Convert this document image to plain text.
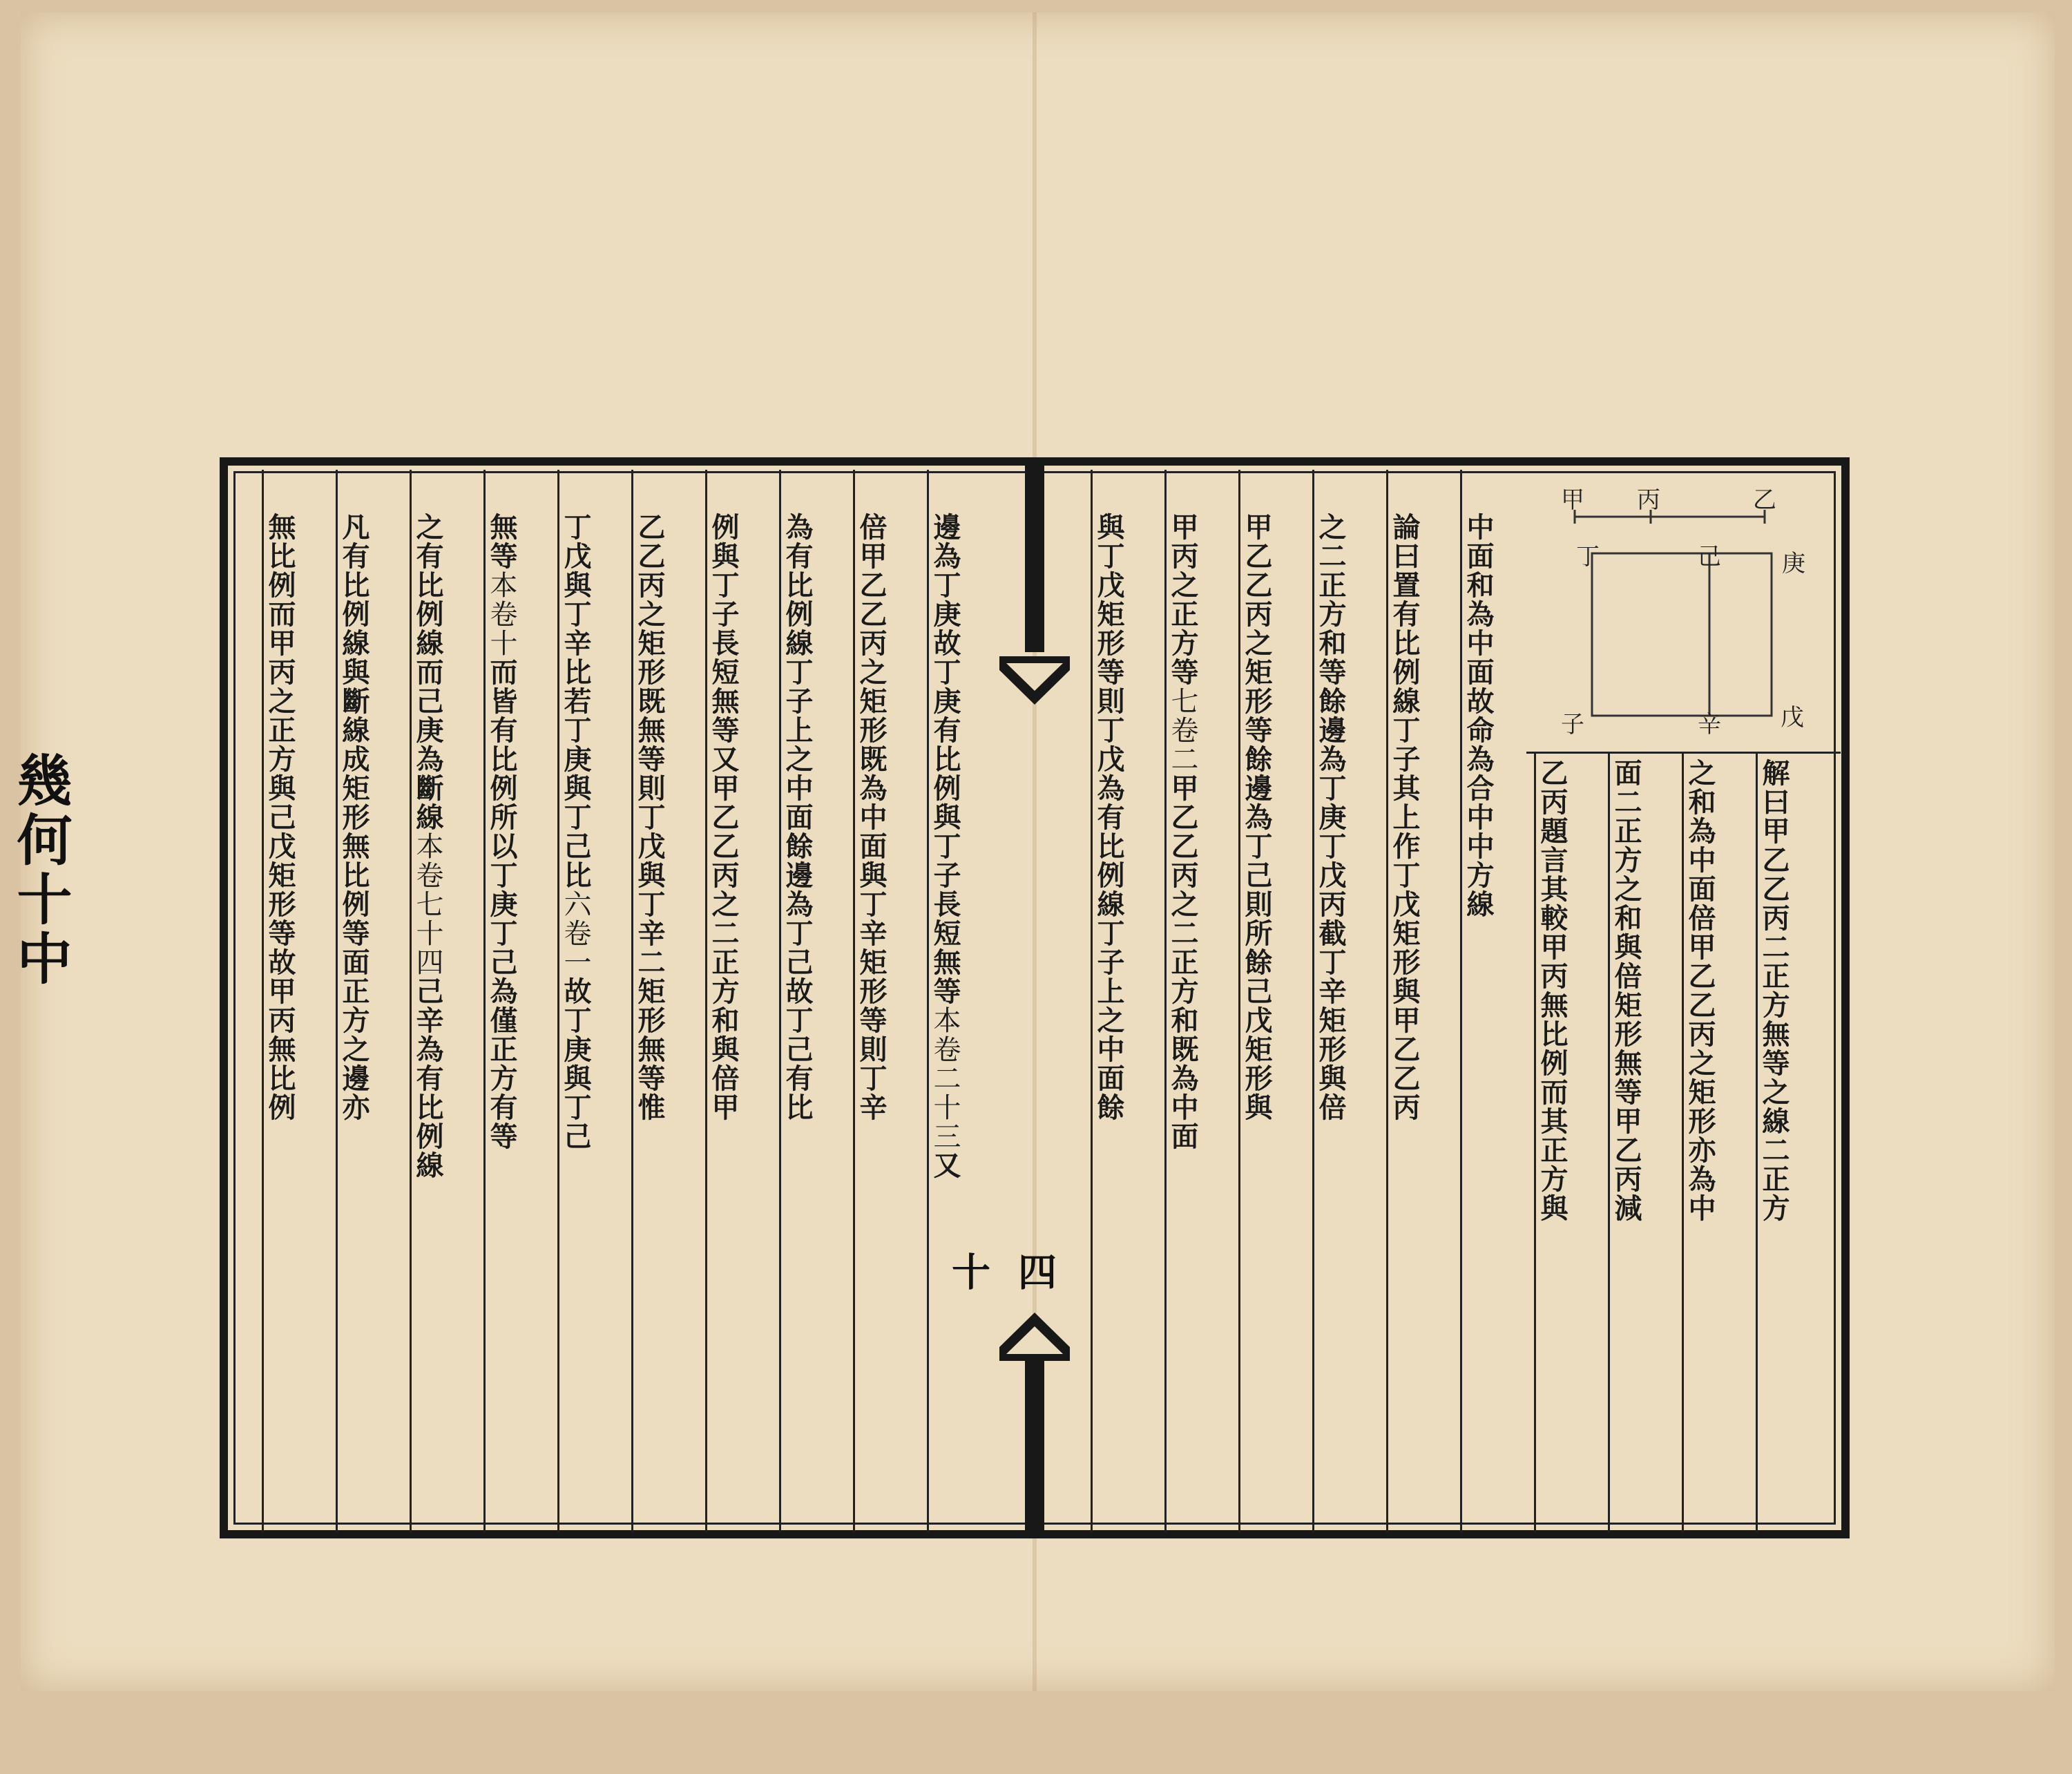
幾何十中
四十
甲 丙	乙
丁	己	庚
子	辛	戊
解曰甲乙乙丙二正方無等之線二正方
之和為中面倍甲乙乙丙之矩形亦為中
面二正方之和與倍矩形無等甲乙丙減
乙丙題言其較甲丙無比例而其正方與
中面和為中面故命為合中中方線
論曰置有比例線丁子其上作丁戊矩形與甲乙乙丙
之二正方和等餘邊為丁庚丁戊丙截丁辛矩形與倍
甲乙乙丙之矩形等餘邊為丁己則所餘己戊矩形與
甲丙之正方等七卷二甲乙乙丙之二正方和既為中面
與丁戊矩形等則丁戊為有比例線丁子上之中面餘
邊為丁庚故丁庚有比例與丁子長短無等本卷二十三又
倍甲乙乙丙之矩形既為中面與丁辛矩形等則丁辛
為有比例線丁子上之中面餘邊為丁己故丁己有比
例與丁子長短無等又甲乙乙丙之二正方和與倍甲
乙乙丙之矩形既無等則丁戊與丁辛二矩形無等惟
丁戊與丁辛比若丁庚與丁己比六卷一故丁庚與丁己
無等本卷十而皆有比例所以丁庚丁己為僅正方有等
之有比例線而己庚為斷線本卷七十四己辛為有比例線
凡有比例線與斷線成矩形無比例等面正方之邊亦
無比例而甲丙之正方與己戊矩形等故甲丙無比例
